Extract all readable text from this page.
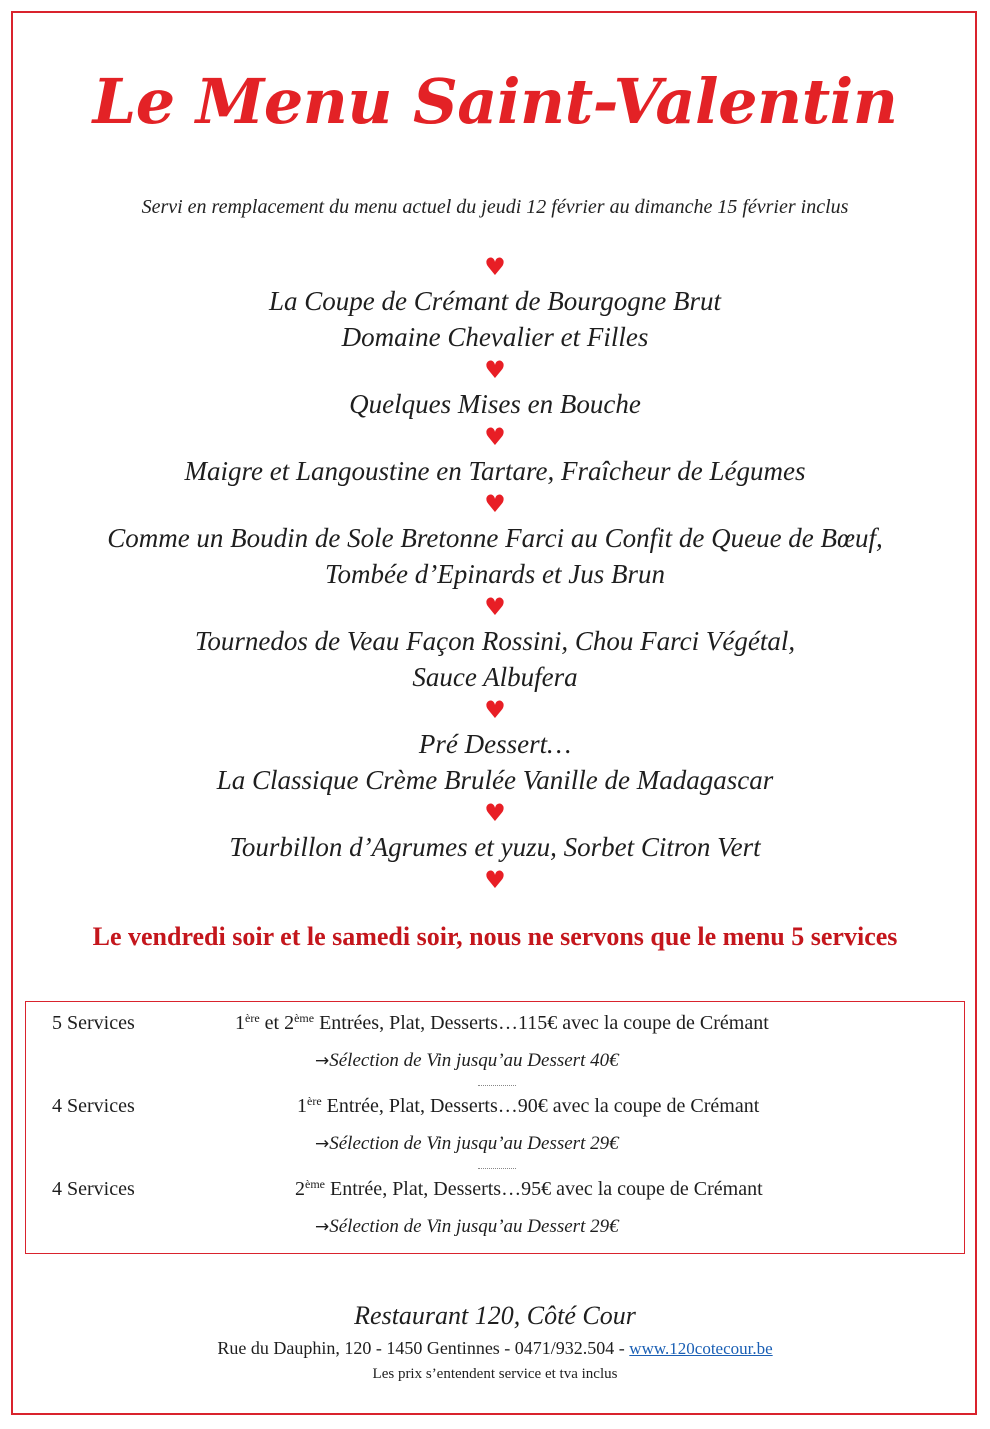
Le Menu Saint-Valentin
Servi en remplacement du menu actuel du jeudi 12 février au dimanche 15 février inclus
♥
La Coupe de Crémant de Bourgogne Brut
Domaine Chevalier et Filles
♥
Quelques Mises en Bouche
♥
Maigre et Langoustine en Tartare, Fraîcheur de Légumes
♥
Comme un Boudin de Sole Bretonne Farci au Confit de Queue de Bœuf,
Tombée d’Epinards et Jus Brun
♥
Tournedos de Veau Façon Rossini, Chou Farci Végétal,
Sauce Albufera
♥
Pré Dessert…
La Classique Crème Brulée Vanille de Madagascar
♥
Tourbillon d’Agrumes et yuzu, Sorbet Citron Vert
♥
Le vendredi soir et le samedi soir, nous ne servons que le menu 5 services
5 Services	1ère et 2ème Entrées, Plat, Desserts…115€ avec la coupe de Crémant
→Sélection de Vin jusqu’au Dessert 40€
4 Services	1ère Entrée, Plat, Desserts…90€ avec la coupe de Crémant
→Sélection de Vin jusqu’au Dessert 29€
4 Services	2ème Entrée, Plat, Desserts…95€ avec la coupe de Crémant
→Sélection de Vin jusqu’au Dessert 29€
Restaurant 120, Côté Cour
Rue du Dauphin, 120 - 1450 Gentinnes - 0471/932.504 - www.120cotecour.be
Les prix s’entendent service et tva inclus
